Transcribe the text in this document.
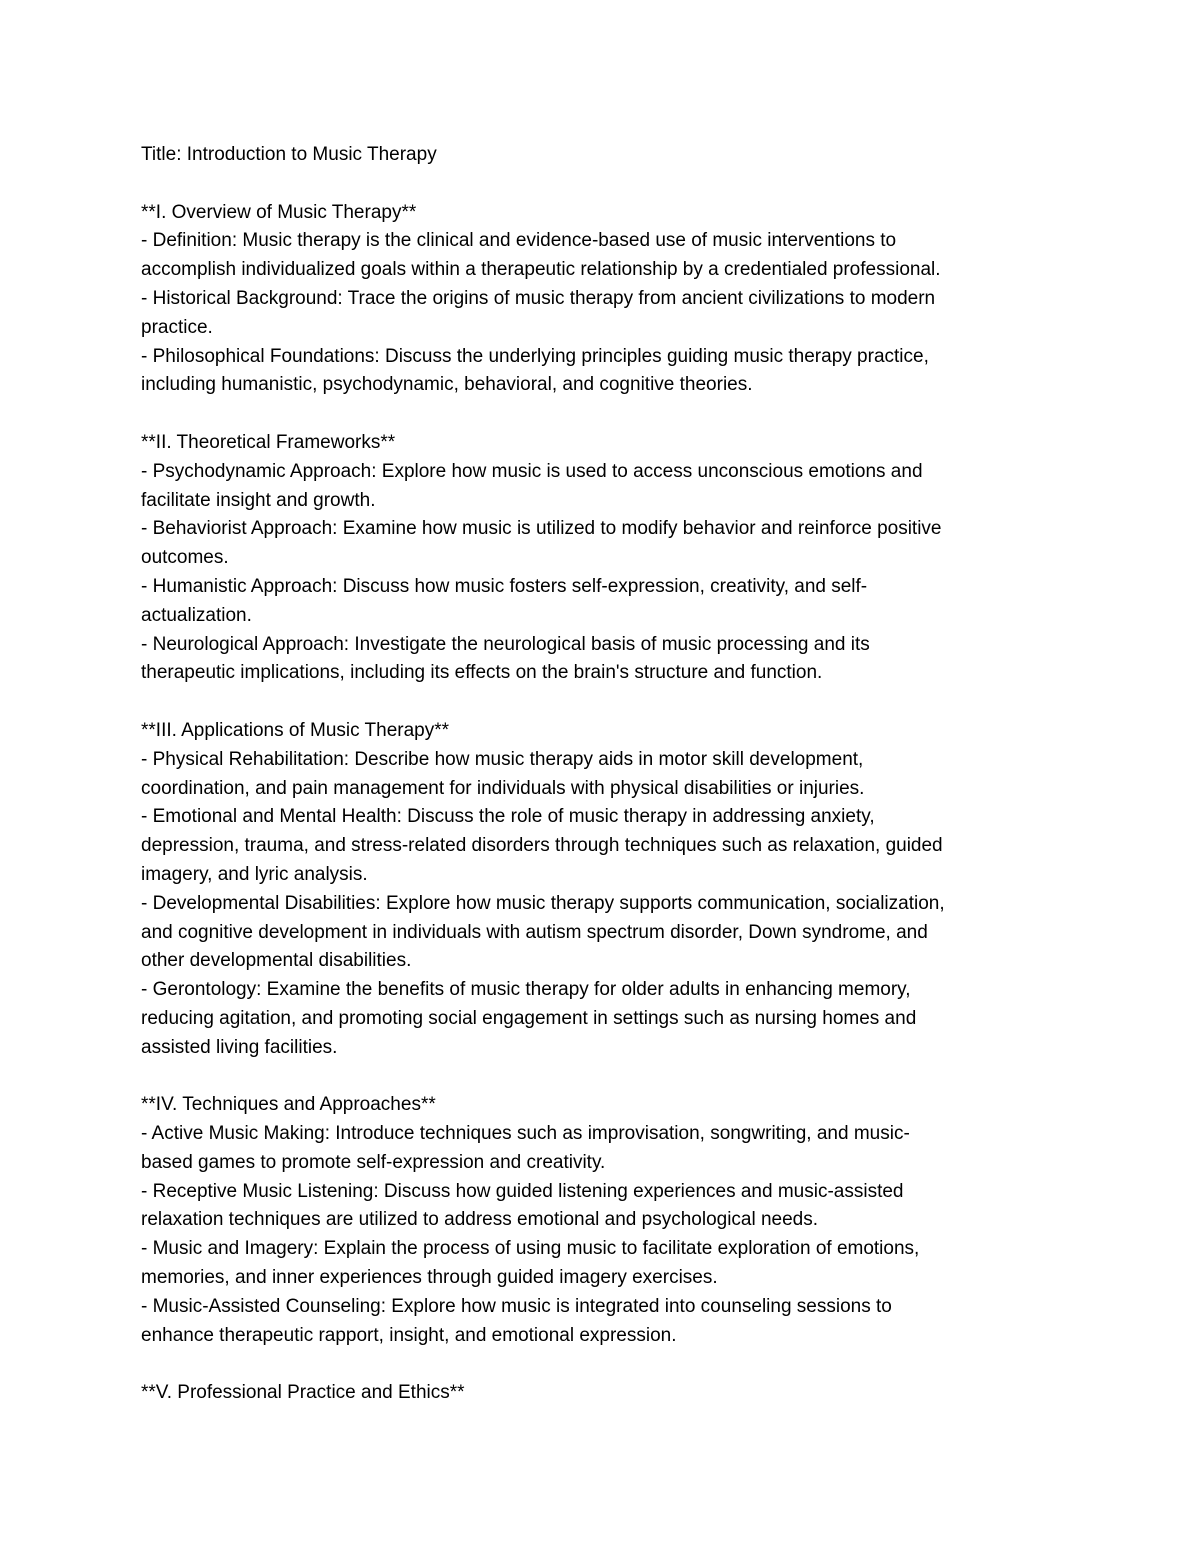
Title: Introduction to Music Therapy
**I. Overview of Music Therapy**
- Definition: Music therapy is the clinical and evidence-based use of music interventions to
accomplish individualized goals within a therapeutic relationship by a credentialed professional.
- Historical Background: Trace the origins of music therapy from ancient civilizations to modern
practice.
- Philosophical Foundations: Discuss the underlying principles guiding music therapy practice,
including humanistic, psychodynamic, behavioral, and cognitive theories.
**II. Theoretical Frameworks**
- Psychodynamic Approach: Explore how music is used to access unconscious emotions and
facilitate insight and growth.
- Behaviorist Approach: Examine how music is utilized to modify behavior and reinforce positive
outcomes.
- Humanistic Approach: Discuss how music fosters self-expression, creativity, and self-
actualization.
- Neurological Approach: Investigate the neurological basis of music processing and its
therapeutic implications, including its effects on the brain's structure and function.
**III. Applications of Music Therapy**
- Physical Rehabilitation: Describe how music therapy aids in motor skill development,
coordination, and pain management for individuals with physical disabilities or injuries.
- Emotional and Mental Health: Discuss the role of music therapy in addressing anxiety,
depression, trauma, and stress-related disorders through techniques such as relaxation, guided
imagery, and lyric analysis.
- Developmental Disabilities: Explore how music therapy supports communication, socialization,
and cognitive development in individuals with autism spectrum disorder, Down syndrome, and
other developmental disabilities.
- Gerontology: Examine the benefits of music therapy for older adults in enhancing memory,
reducing agitation, and promoting social engagement in settings such as nursing homes and
assisted living facilities.
**IV. Techniques and Approaches**
- Active Music Making: Introduce techniques such as improvisation, songwriting, and music-
based games to promote self-expression and creativity.
- Receptive Music Listening: Discuss how guided listening experiences and music-assisted
relaxation techniques are utilized to address emotional and psychological needs.
- Music and Imagery: Explain the process of using music to facilitate exploration of emotions,
memories, and inner experiences through guided imagery exercises.
- Music-Assisted Counseling: Explore how music is integrated into counseling sessions to
enhance therapeutic rapport, insight, and emotional expression.
**V. Professional Practice and Ethics**
